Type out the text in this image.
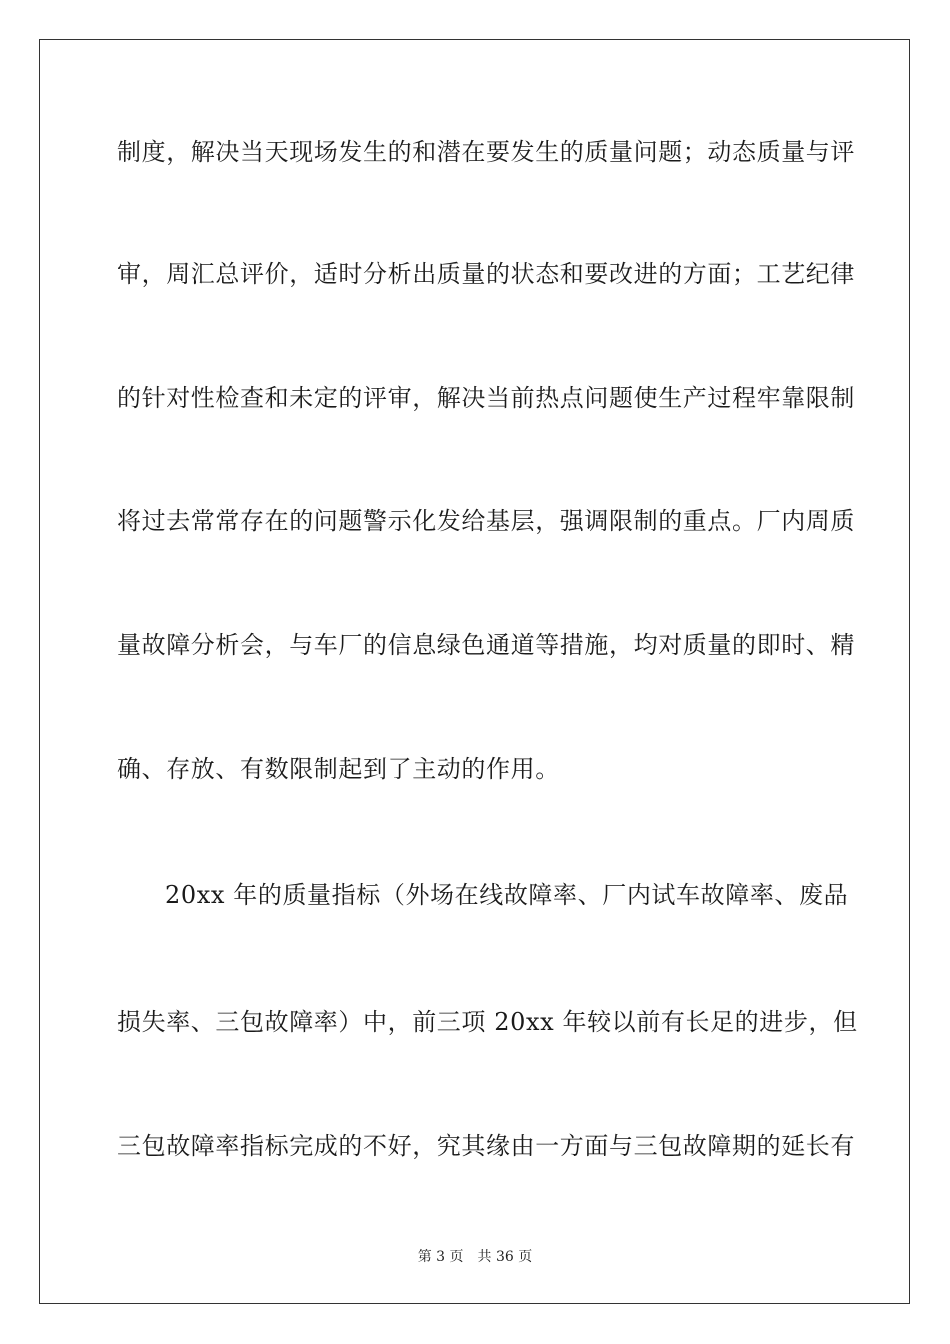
制度，解决当天现场发生的和潜在要发生的质量问题；动态质量与评
审，周汇总评价，适时分析出质量的状态和要改进的方面；工艺纪律
的针对性检查和未定的评审，解决当前热点问题使生产过程牢靠限制
将过去常常存在的问题警示化发给基层，强调限制的重点。厂内周质
量故障分析会，与车厂的信息绿色通道等措施，均对质量的即时、精
确、存放、有数限制起到了主动的作用。
20xx 年的质量指标（外场在线故障率、厂内试车故障率、废品
损失率、三包故障率）中，前三项 20xx 年较以前有长足的进步，但
三包故障率指标完成的不好，究其缘由一方面与三包故障期的延长有
第 3 页 共 36 页
